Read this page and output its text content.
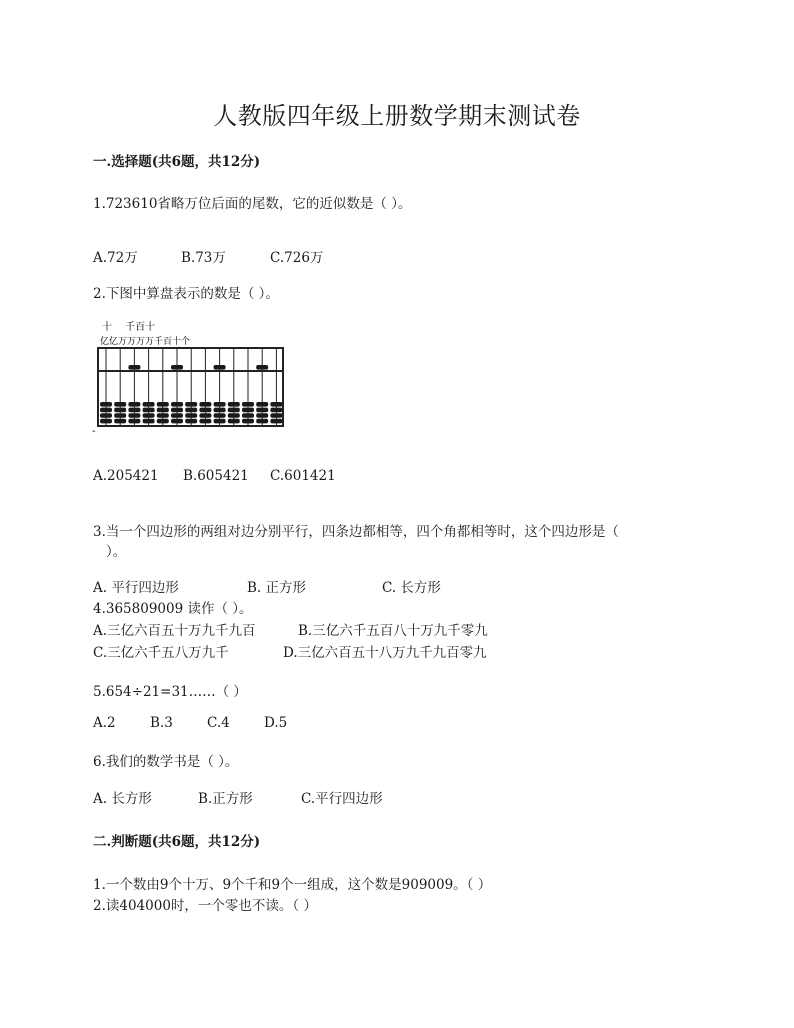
人教版四年级上册数学期末测试卷
一.选择题(共6题，共12分)
1.723610省略万位后面的尾数，它的近似数是（ ）。
A.72万	B.73万	C.726万
2.下图中算盘表示的数是（ ）。
十　 千百十
亿亿万万万万千百十个
-
A.205421 B.605421 C.601421
3.当一个四边形的两组对边分别平行，四条边都相等，四个角都相等时，这个四边形是（
）。
A. 平行四边形	B. 正方形	C. 长方形
4.365809009 读作（ ）。
A.三亿六百五十万九千九百	B.三亿六千五百八十万九千零九
C.三亿六千五八万九千	D.三亿六百五十八万九千九百零九
5.654÷21=31……（ ）
A.2	B.3	C.4	D.5
6.我们的数学书是（ ）。
A. 长方形	B.正方形	C.平行四边形
二.判断题(共6题，共12分)
1.一个数由9个十万、9个千和9个一组成，这个数是909009。（ ）
2.读404000时，一个零也不读。（ ）
